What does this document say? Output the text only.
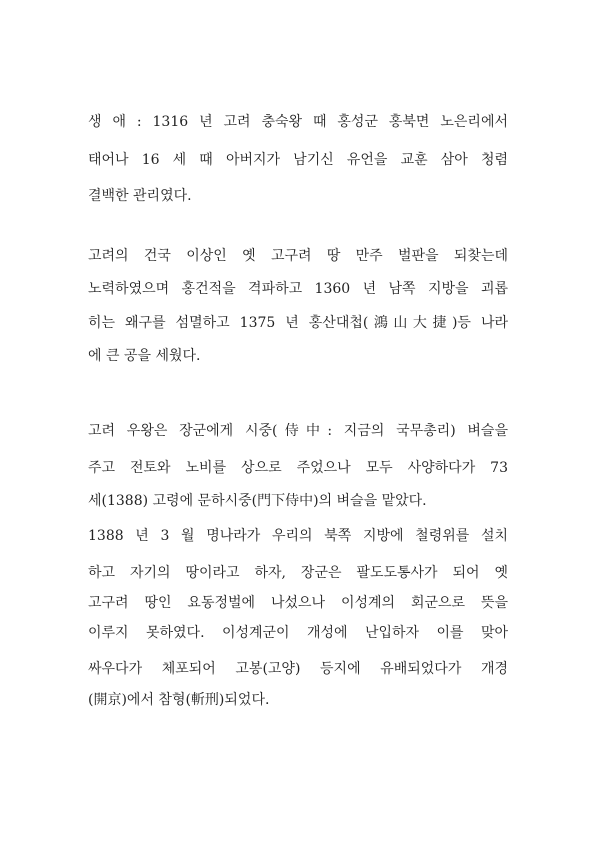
생 애 : 1316 년 고려 충숙왕 때 홍성군 홍북면 노은리에서
태어나 16 세 때 아버지가 남기신 유언을 교훈 삼아 청렴
결백한 관리였다.
고려의 건국 이상인 옛 고구려 땅 만주 벌판을 되찾는데
노력하였으며 홍건적을 격파하고 1360 년 남쪽 지방을 괴롭
히는 왜구를 섬멸하고 1375 년 홍산대첩(鴻山大捷)등 나라
에 큰 공을 세웠다.
고려 우왕은 장군에게 시중(侍中: 지금의 국무총리) 벼슬을
주고 전토와 노비를 상으로 주었으나 모두 사양하다가 73
세(1388) 고령에 문하시중(門下侍中)의 벼슬을 맡았다.
1388 년 3 월 명나라가 우리의 북쪽 지방에 철령위를 설치
하고 자기의 땅이라고 하자, 장군은 팔도도통사가 되어 옛
고구려 땅인 요동정벌에 나섰으나 이성계의 회군으로 뜻을
이루지 못하였다. 이성계군이 개성에 난입하자 이를 맞아
싸우다가 체포되어 고봉(고양) 등지에 유배되었다가 개경
(開京)에서 참형(斬刑)되었다.
